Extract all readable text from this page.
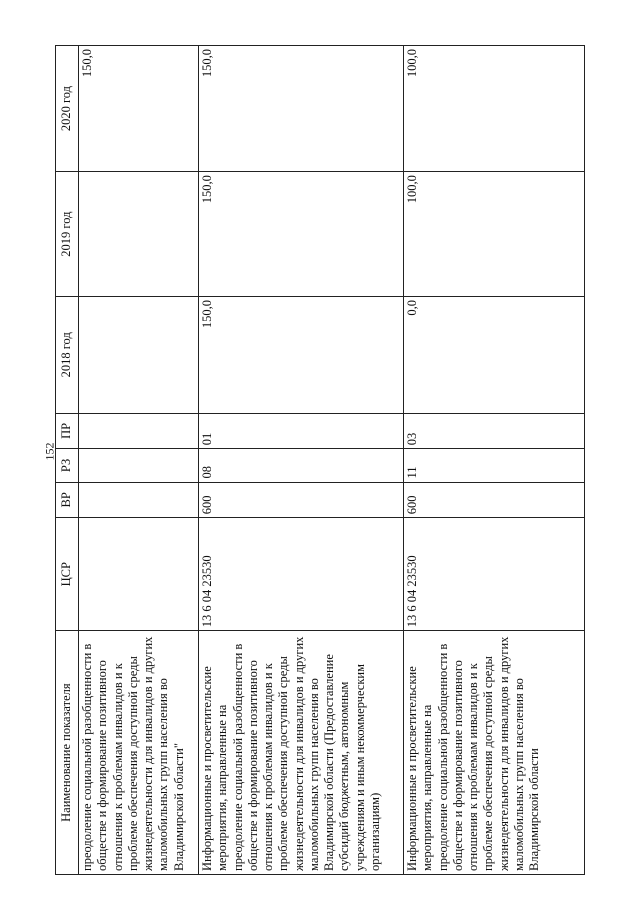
152
Наименование показателя	ЦСР	ВР	РЗ	ПР	2018 год	2019 год	2020 год
преодоление социальной разобщенности в обществе и формирование позитивного отношения к проблемам инвалидов и к проблеме обеспечения доступной среды жизнедеятельности для инвалидов и других маломобильных групп населения во Владимирской области"							150,0
Информационные и просветительские мероприятия, направленные на преодоление социальной разобщенности в обществе и формирование позитивного отношения к проблемам инвалидов и к проблеме обеспечения доступной среды жизнедеятельности для инвалидов и других маломобильных групп населения во Владимирской области (Предоставление субсидий бюджетным, автономным учреждениям и иным некоммерческим организациям)	13 6 04 23530	600	08	01	150,0	150,0	150,0
Информационные и просветительские мероприятия, направленные на преодоление социальной разобщенности в обществе и формирование позитивного отношения к проблемам инвалидов и к проблеме обеспечения доступной среды жизнедеятельности для инвалидов и других маломобильных групп населения во Владимирской области	13 6 04 23530	600	11	03	0,0	100,0	100,0
